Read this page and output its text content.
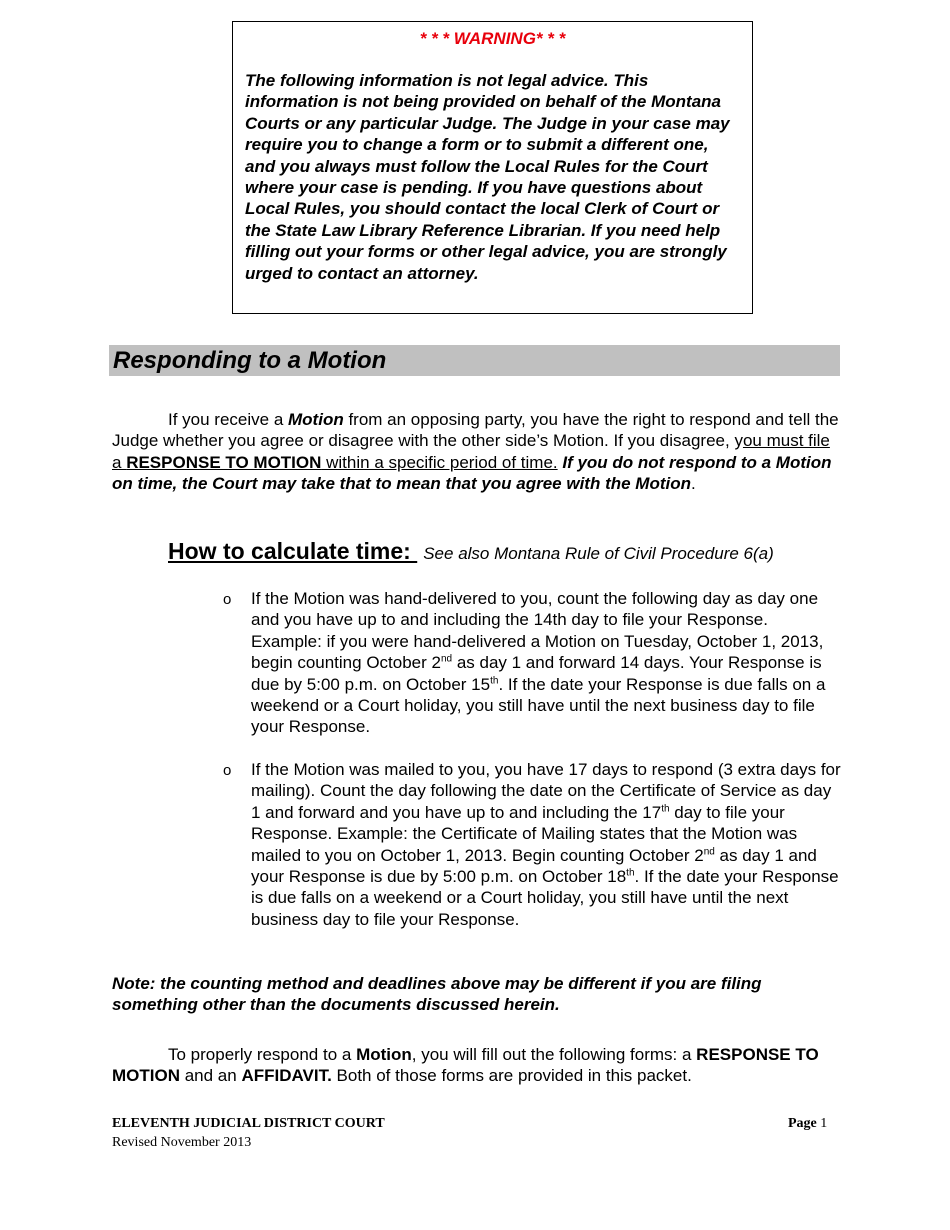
* * * WARNING* * *

The following information is not legal advice. This information is not being provided on behalf of the Montana Courts or any particular Judge. The Judge in your case may require you to change a form or to submit a different one, and you always must follow the Local Rules for the Court where your case is pending. If you have questions about Local Rules, you should contact the local Clerk of Court or the State Law Library Reference Librarian. If you need help filling out your forms or other legal advice, you are strongly urged to contact an attorney.

Responding to a Motion

If you receive a Motion from an opposing party, you have the right to respond and tell the Judge whether you agree or disagree with the other side’s Motion. If you disagree, you must file a RESPONSE TO MOTION within a specific period of time. If you do not respond to a Motion on time, the Court may take that to mean that you agree with the Motion.

How to calculate time: See also Montana Rule of Civil Procedure 6(a)
o If the Motion was hand-delivered to you, count the following day as day one and you have up to and including the 14th day to file your Response. Example: if you were hand-delivered a Motion on Tuesday, October 1, 2013, begin counting October 2nd as day 1 and forward 14 days. Your Response is due by 5:00 p.m. on October 15th. If the date your Response is due falls on a weekend or a Court holiday, you still have until the next business day to file your Response.

o If the Motion was mailed to you, you have 17 days to respond (3 extra days for mailing). Count the day following the date on the Certificate of Service as day 1 and forward and you have up to and including the 17th day to file your Response. Example: the Certificate of Mailing states that the Motion was mailed to you on October 1, 2013. Begin counting October 2nd as day 1 and your Response is due by 5:00 p.m. on October 18th. If the date your Response is due falls on a weekend or a Court holiday, you still have until the next business day to file your Response.

Note: the counting method and deadlines above may be different if you are filing something other than the documents discussed herein.

To properly respond to a Motion, you will fill out the following forms: a RESPONSE TO MOTION and an AFFIDAVIT. Both of those forms are provided in this packet.

ELEVENTH JUDICIAL DISTRICT COURT
Revised November 2013
Page 1
